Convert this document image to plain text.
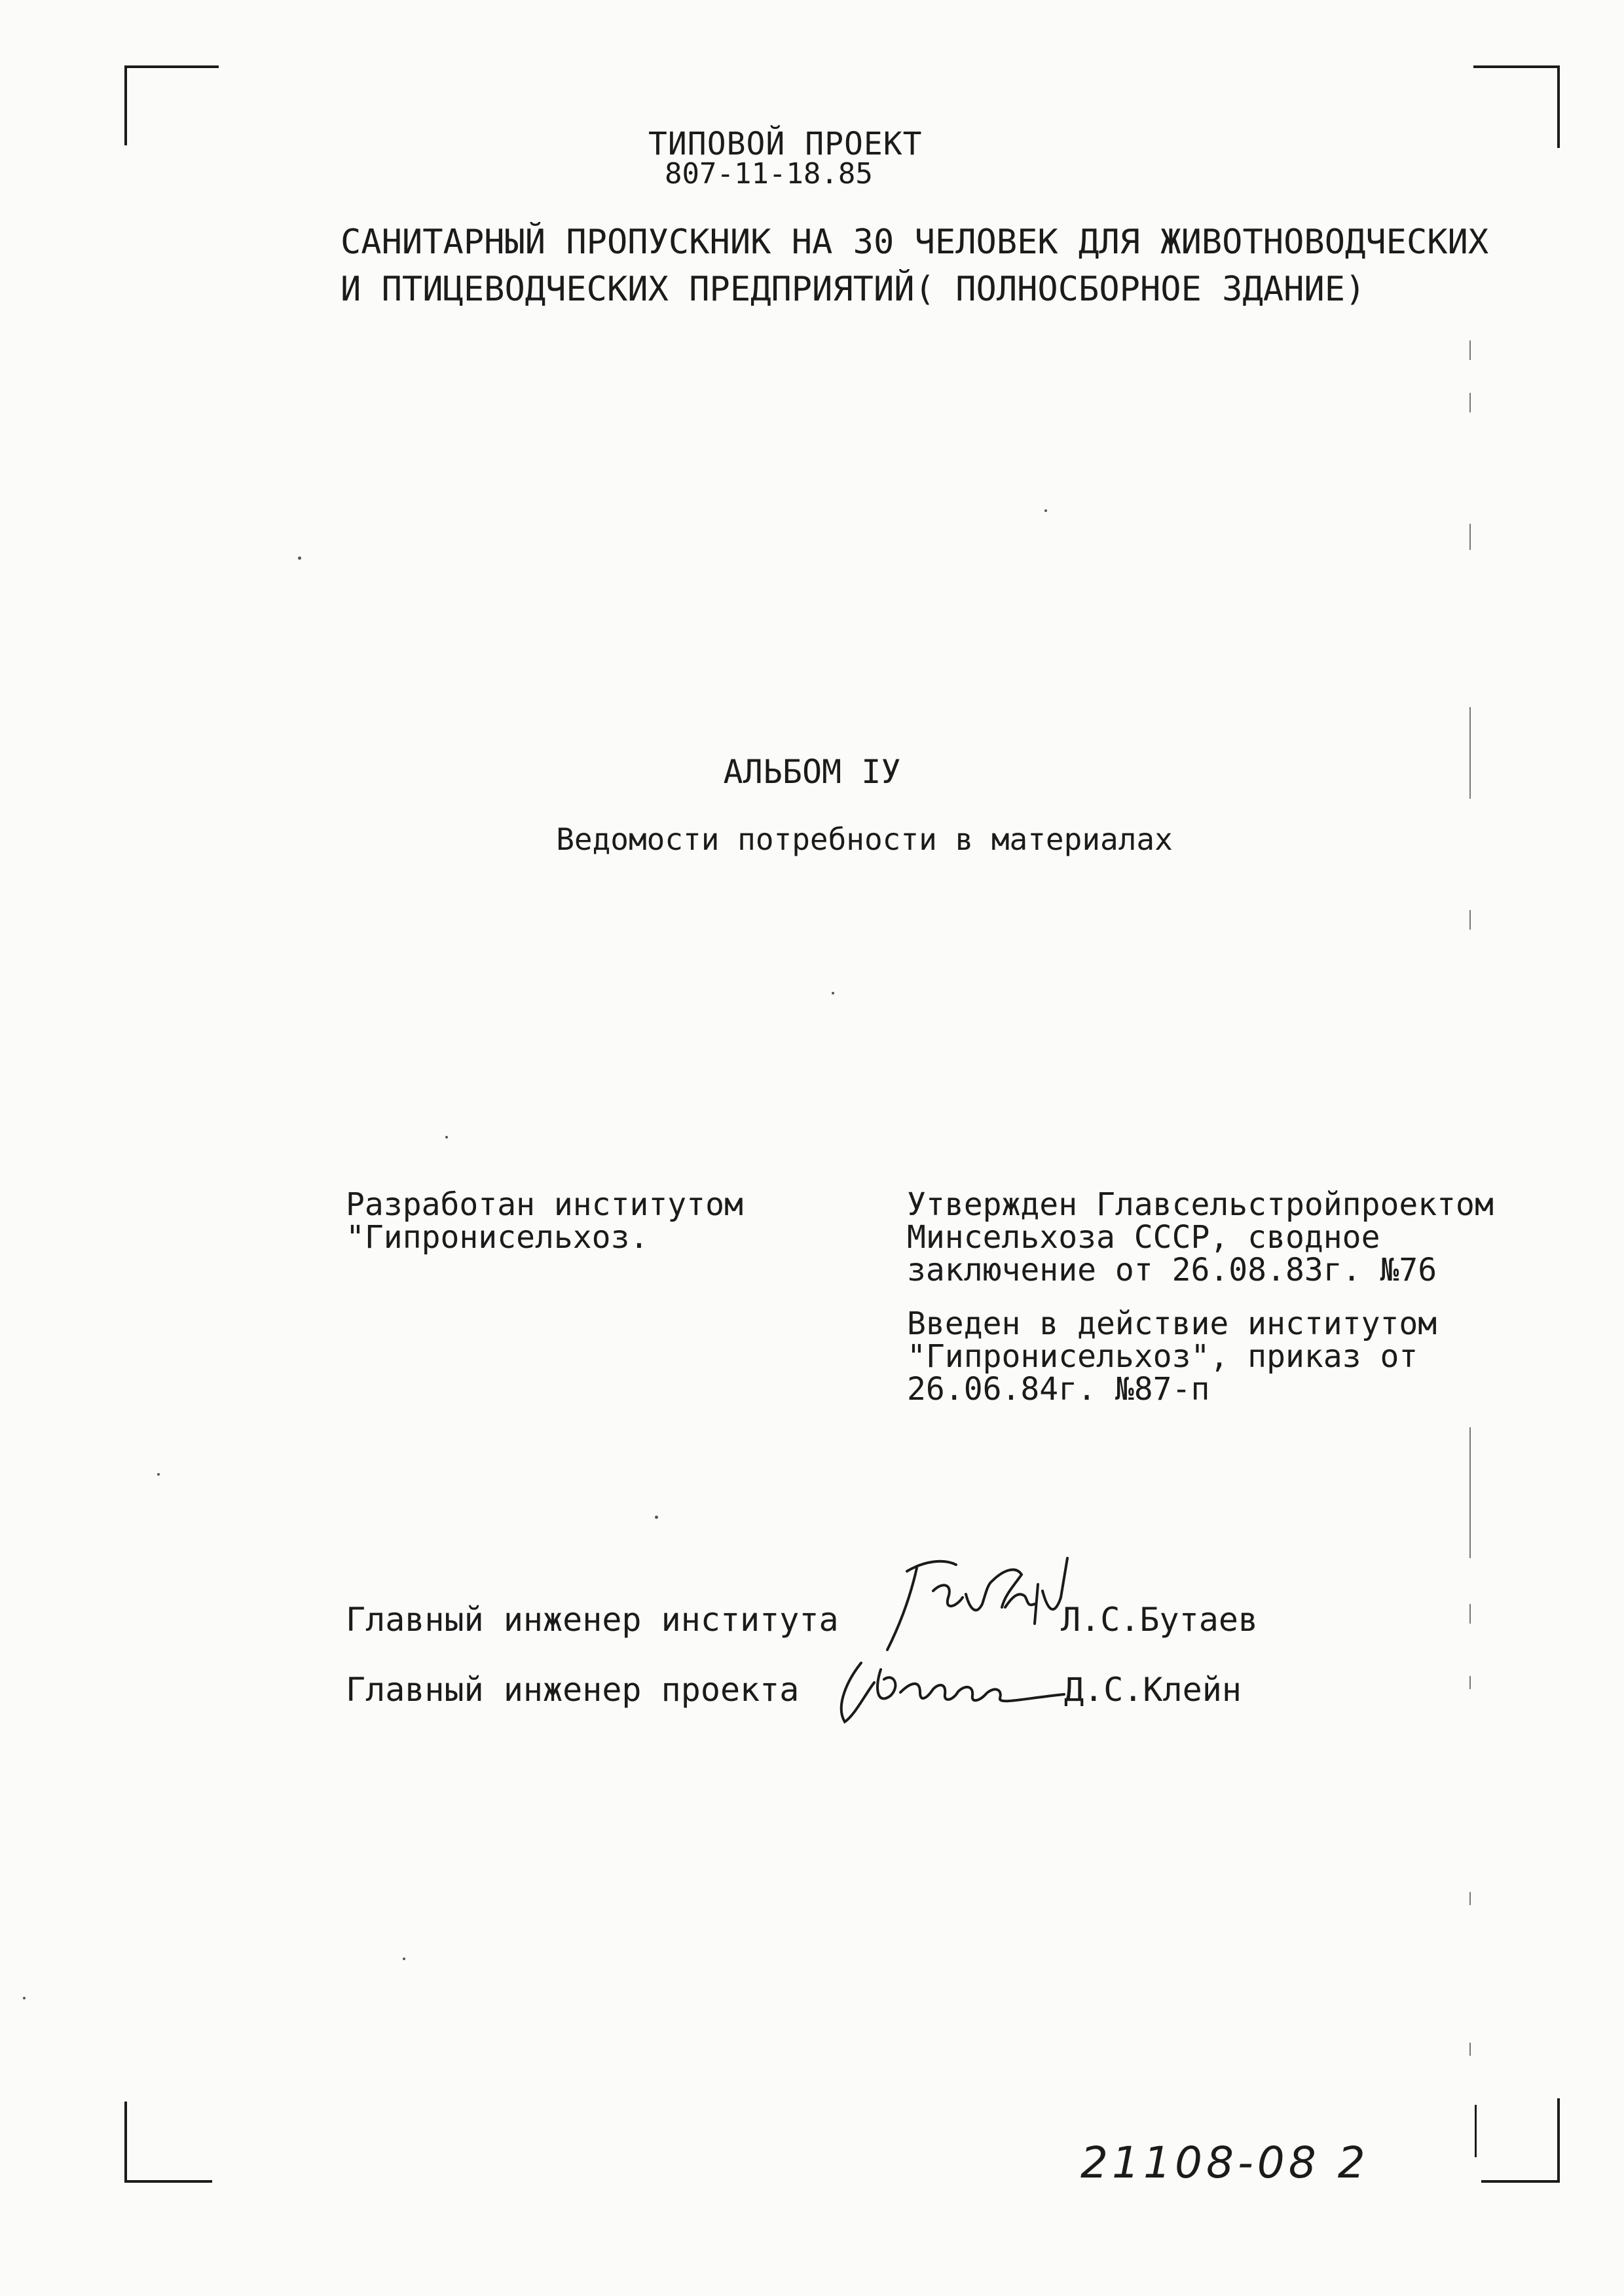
ТИПОВОЙ ПРОЕКТ
807-11-18.85
САНИТАРНЫЙ ПРОПУСКНИК НА 30 ЧЕЛОВЕК ДЛЯ ЖИВОТНОВОДЧЕСКИХ
И ПТИЦЕВОДЧЕСКИХ ПРЕДПРИЯТИЙ( ПОЛНОСБОРНОЕ ЗДАНИЕ)
АЛЬБОМ IУ
Ведомости потребности в материалах
Разработан институтом
"Гипронисельхоз.
Утвержден Главсельстройпроектом
Минсельхоза СССР, сводное
заключение от 26.08.83г. №76
Введен в действие институтом
"Гипронисельхоз", приказ от
26.06.84г. №87-п
Главный инженер института	Л.С.Бутаев
Главный инженер проекта	Д.С.Клейн
21108-08 2
